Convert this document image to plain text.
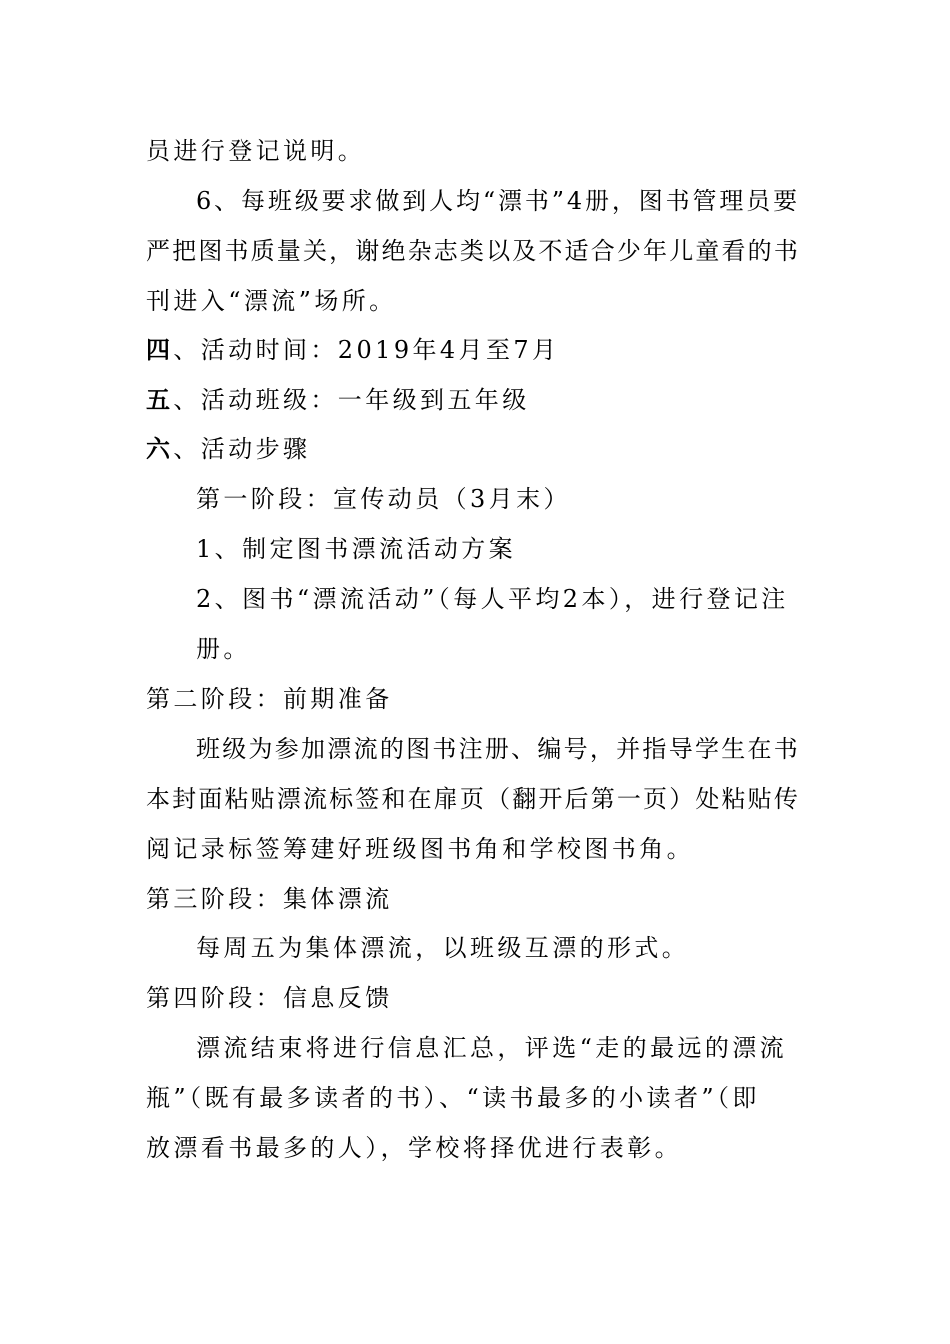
员进行登记说明。
6、每班级要求做到人均“漂书”4册，图书管理员要
严把图书质量关，谢绝杂志类以及不适合少年儿童看的书
刊进入“漂流”场所。
四、活动时间：2019年4月至7月
五、活动班级：一年级到五年级
六、活动步骤
第一阶段：宣传动员（3月末）
1、制定图书漂流活动方案
2、图书“漂流活动”（每人平均2本），进行登记注
册。
第二阶段：前期准备
班级为参加漂流的图书注册、编号，并指导学生在书
本封面粘贴漂流标签和在扉页（翻开后第一页）处粘贴传
阅记录标签筹建好班级图书角和学校图书角。
第三阶段：集体漂流
每周五为集体漂流，以班级互漂的形式。
第四阶段：信息反馈
漂流结束将进行信息汇总，评选“走的最远的漂流
瓶”（既有最多读者的书）、“读书最多的小读者”（即
放漂看书最多的人），学校将择优进行表彰。
